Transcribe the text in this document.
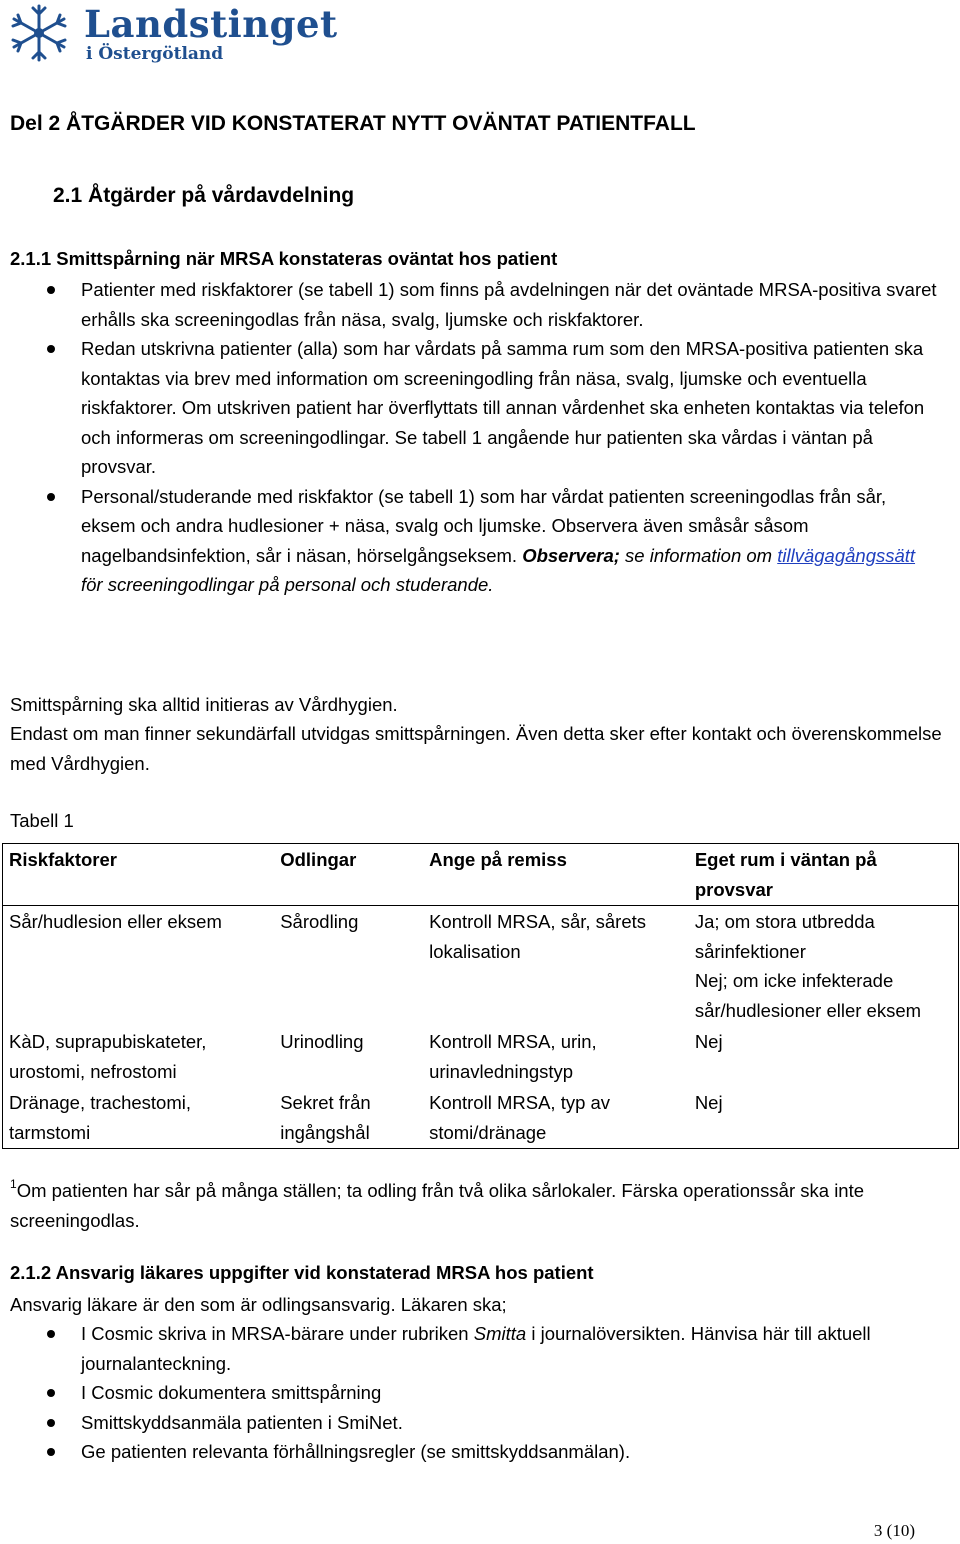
Landstinget
i Östergötland
Del 2 ÅTGÄRDER VID KONSTATERAT NYTT OVÄNTAT PATIENTFALL
2.1 Åtgärder på vårdavdelning
2.1.1 Smittspårning när MRSA konstateras oväntat hos patient
Patienter med riskfaktorer (se tabell 1) som finns på avdelningen när det oväntade MRSA-positiva svaret erhålls ska screeningodlas från näsa, svalg, ljumske och riskfaktorer.
Redan utskrivna patienter (alla) som har vårdats på samma rum som den MRSA-positiva patienten ska kontaktas via brev med information om screeningodling från näsa, svalg, ljumske och eventuella riskfaktorer. Om utskriven patient har överflyttats till annan vårdenhet ska enheten kontaktas via telefon och informeras om screeningodlingar. Se tabell 1 angående hur patienten ska vårdas i väntan på provsvar.
Personal/studerande med riskfaktor (se tabell 1) som har vårdat patienten screeningodlas från sår, eksem och andra hudlesioner + näsa, svalg och ljumske. Observera även småsår såsom nagelbandsinfektion, sår i näsan, hörselgångseksem. Observera; se information om tillvägagångssätt för screeningodlingar på personal och studerande.
Smittspårning ska alltid initieras av Vårdhygien.
Endast om man finner sekundärfall utvidgas smittspårningen. Även detta sker efter kontakt och överenskommelse med Vårdhygien.
Tabell 1
Riskfaktorer	Odlingar	Ange på remiss	Eget rum i väntan på provsvar
Sår/hudlesion eller eksem	Sårodling	Kontroll MRSA, sår, sårets lokalisation	Ja; om stora utbredda sårinfektioner
Nej; om icke infekterade sår/hudlesioner eller eksem

KàD, suprapubiskateter, urostomi, nefrostomi	Urinodling	Kontroll MRSA, urin, urinavledningstyp	Nej
Dränage, trachestomi, tarmstomi	Sekret från ingångshål	Kontroll MRSA, typ av stomi/dränage	Nej
$^1$Om patienten har sår på många ställen; ta odling från två olika sårlokaler. Färska operationssår ska inte screeningodlas.
2.1.2 Ansvarig läkares uppgifter vid konstaterad MRSA hos patient
Ansvarig läkare är den som är odlingsansvarig. Läkaren ska;
I Cosmic skriva in MRSA-bärare under rubriken Smitta i journalöversikten. Hänvisa här till aktuell journalanteckning.
I Cosmic dokumentera smittspårning
Smittskyddsanmäla patienten i SmiNet.
Ge patienten relevanta förhållningsregler (se smittskyddsanmälan).
3 (10)
